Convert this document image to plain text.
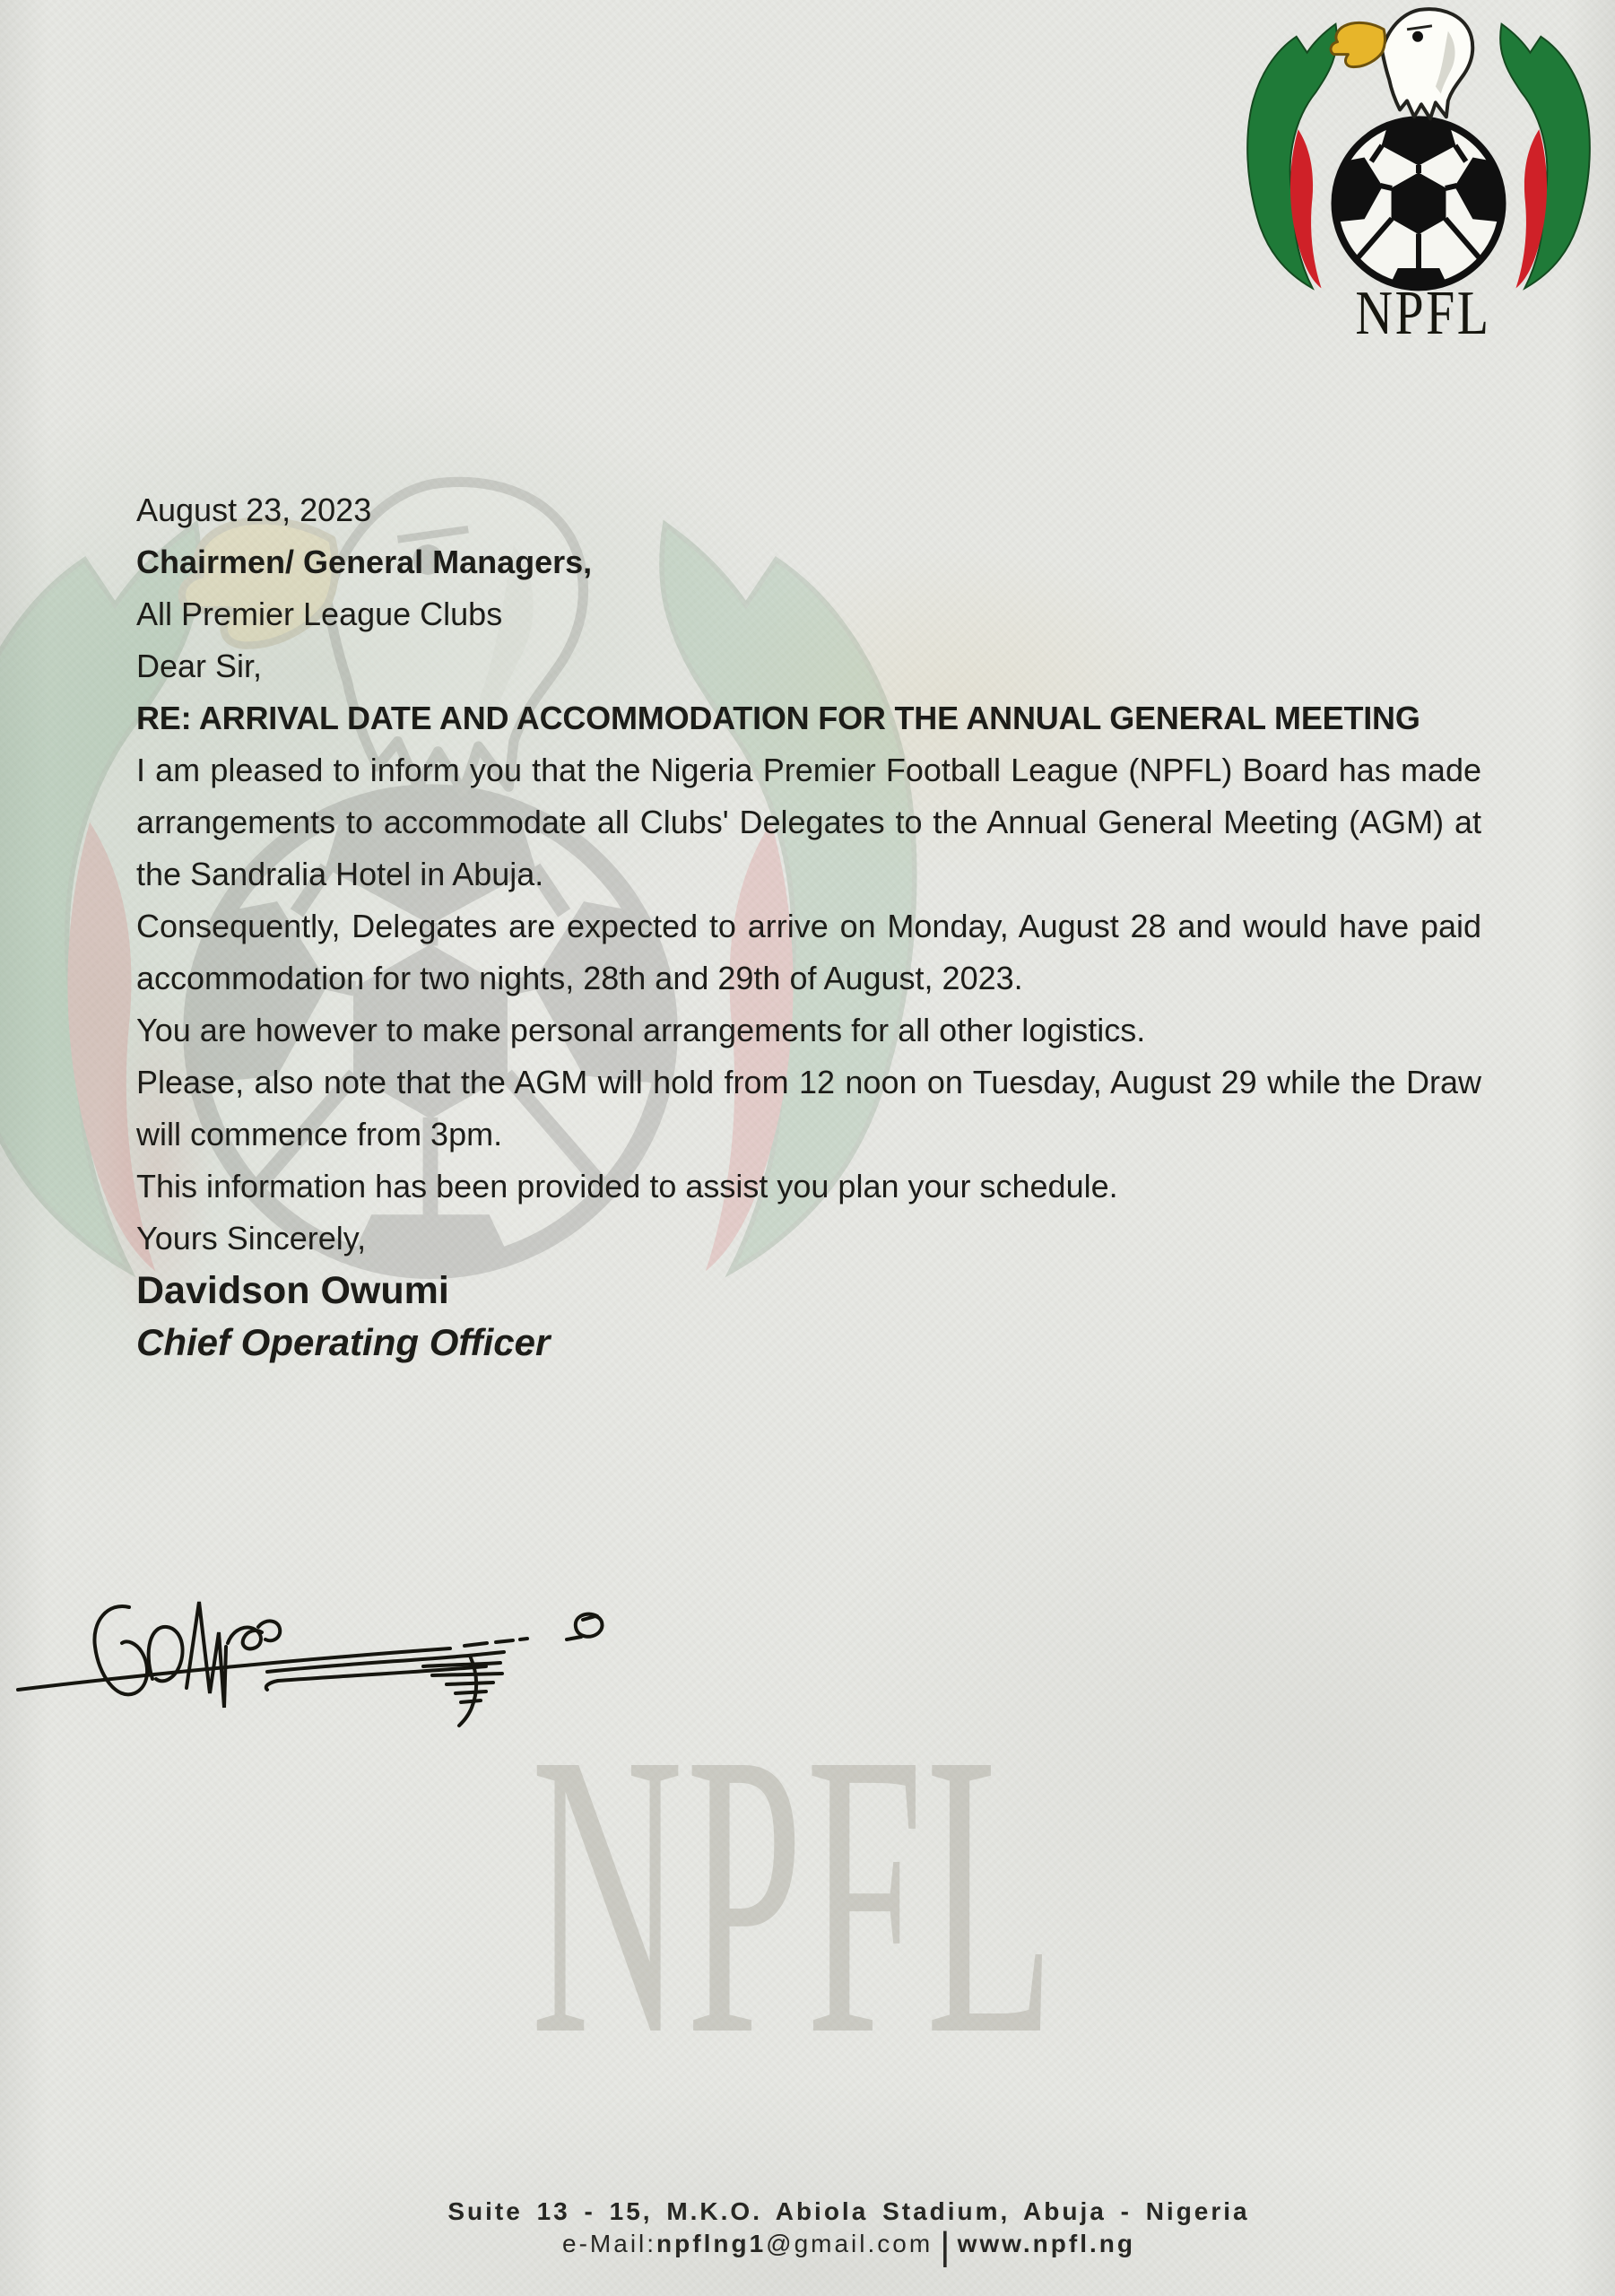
NPFL
NPFL

August 23, 2023

Chairmen/ General Managers,

All Premier League Clubs

Dear Sir,

RE: ARRIVAL DATE AND ACCOMMODATION FOR THE ANNUAL GENERAL MEETING

I am pleased to inform you that the Nigeria Premier Football League (NPFL) Board has made arrangements to accommodate all Clubs' Delegates to the Annual General Meeting (AGM) at the Sandralia Hotel in Abuja.

Consequently, Delegates are expected to arrive on Monday, August 28 and would have paid accommodation for two nights, 28th and 29th of August, 2023.

You are however to make personal arrangements for all other logistics.

Please, also note that the AGM will hold from 12 noon on Tuesday, August 29 while the Draw will commence from 3pm.

This information has been provided to assist you plan your schedule.

Yours Sincerely,

Davidson Owumi

Chief Operating Officer

Suite 13 - 15, M.K.O. Abiola Stadium, Abuja - Nigeria
e-Mail:npflng1@gmail.com | www.npfl.ng
